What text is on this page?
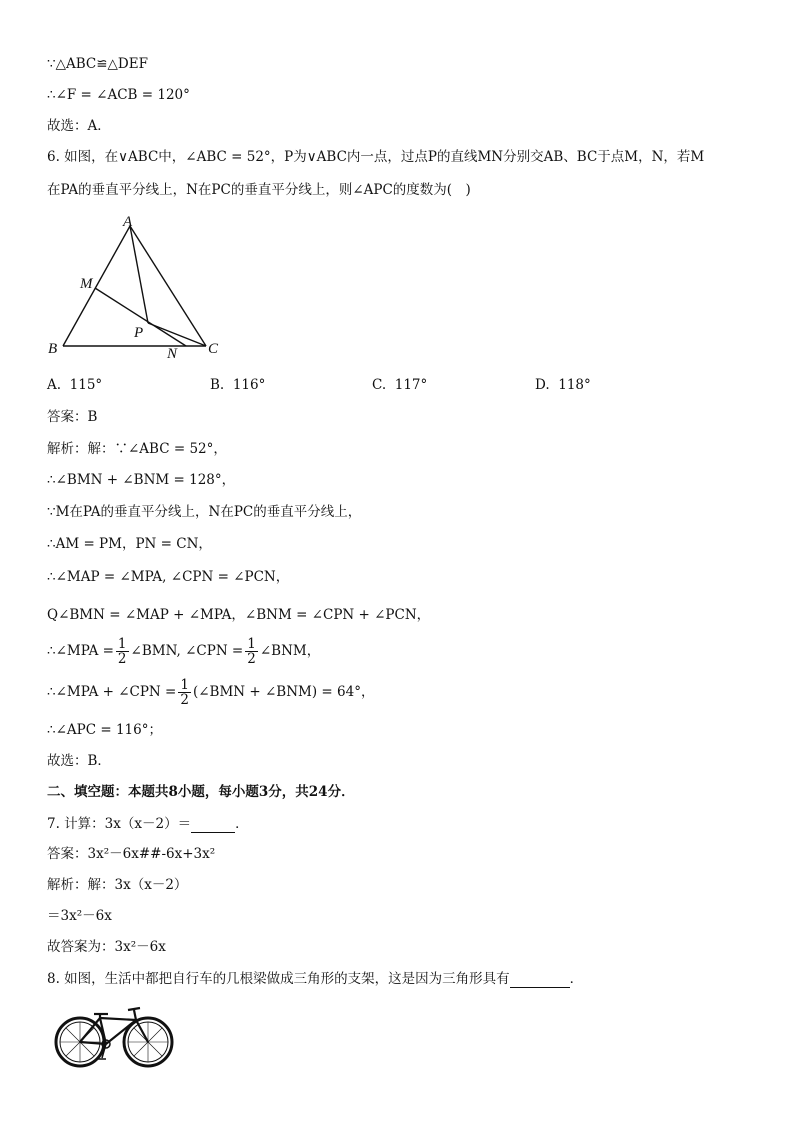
∵△ABC≌△DEF
∴∠F = ∠ACB = 120°
故选：A．
6. 如图，在∨ABC中，∠ABC = 52°，P为∨ABC内一点，过点P的直线MN分别交AB、BC于点M，N，若M
在PA的垂直平分线上，N在PC的垂直平分线上，则∠APC的度数为(　)
A
M
P
B	N C
A. 115°	B. 116°	C. 117°	D. 118°
答案：B
解析：解：∵∠ABC = 52°，
∴∠BMN + ∠BNM = 128°，
∵M在PA的垂直平分线上，N在PC的垂直平分线上，
∴AM = PM，PN = CN，
∴∠MAP = ∠MPA, ∠CPN = ∠PCN，
Q∠BMN = ∠MAP + ∠MPA，∠BNM = ∠CPN + ∠PCN，
∴∠MPA = $\frac{1}{2}$ ∠BMN, ∠CPN = $\frac{1}{2}$ ∠BNM，
∴∠MPA + ∠CPN = $\frac{1}{2}$ (∠BMN + ∠BNM) = 64°，
∴∠APC = 116°；
故选：B．
二、填空题：本题共8小题，每小题3分，共24分．
7. 计算：3x（x－2）＝	．
答案：3x²－6x##-6x+3x²
解析：解：3x（x－2）
＝3x²－6x
故答案为：3x²－6x
8. 如图，生活中都把自行车的几根梁做成三角形的支架，这是因为三角形具有	．
